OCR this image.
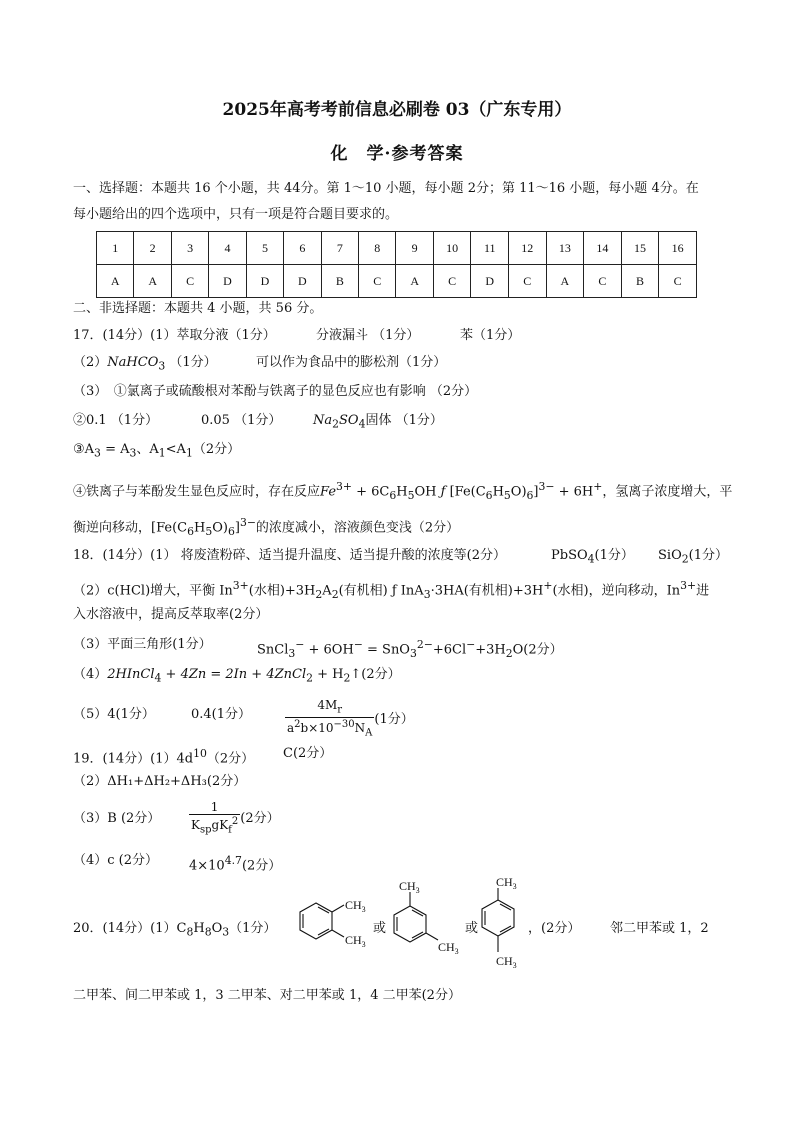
2025年高考考前信息必刷卷 03（广东专用）
化　学·参考答案
一、选择题：本题共 16 个小题，共 44分。第 1～10 小题，每小题 2分；第 11～16 小题，每小题 4分。在
每小题给出的四个选项中，只有一项是符合题目要求的。
1	2	3	4	5	6	7	8	9	10	11	12	13	14	15	16
A	A	C	D	D	D	B	C	A	C	D	C	A	C	B	C
二、非选择题：本题共 4 小题，共 56 分。
17．(14分）(1）萃取分液（1分）	分液漏斗 （1分）	苯（1分）
（2）NaHCO$_3$ （1分）	可以作为食品中的膨松剂（1分）
（3）　①氯离子或硫酸根对苯酚与铁离子的显色反应也有影响 （2分）
②0.1 （1分）	0.05 （1分） $Na_2SO_4$固体 （1分）
$③A_3 = A_3$、$A_1<A_1(2$分）
④铁离子与苯酚发生显色反应时，存在反应$Fe^{3+} + 6C_6H_5OH$ ƒ $[Fe(C_6H_5O)_6]^{3-} + 6H^+$，氢离子浓度增大，平
衡逆向移动，$[Fe(C_6H_5O)_6]^{3-}$的浓度减小，溶液颜色变浅（2分）
18．(14分）(1） 将废渣粉碎、适当提升温度、适当提升酸的浓度等(2分）	PbSO$_4$(1分） SiO$_2$(1分）
（2）c(HCl)增大，平衡 $In^{3+}$(水相)$+3H_2A_2$(有机相) ƒ InA$_3$·3HA(有机相)+3H+(水相)，逆向移动，$In^{3+}$进
入水溶液中，提高反萃取率(2分）
（3）平面三角形(1分）	SnCl$_3$− + $6OH^- = SnO_3^{2-}+6Cl^-+3H_2O(2$分）
（4）2HInCl$_4$ + 4Zn = 2In + 4ZnCl$_2$ + $H_2↑(2$分）
（5）4(1分）	0.4(1分）	$\frac{4M_r}{a^2b\times 10^{-30}N_A} (1$分）
19．(14分）$(1)4d^{10}(2$分） C(2分）
（2）ΔH₁+ΔH₂+ΔH₃(2分）
（3）B (2分） $\frac{1}{K_{sp}gK_f^2} (2$分）
（4）c (2分） $4\times 10^{4.7}(2$分）
20．(14分）$(1)C_8H_8O_3(1$分）	或	或	，(2分） 邻二甲苯或 1，2
二甲苯、间二甲苯或 1，3 二甲苯、对二甲苯或 1，4 二甲苯(2分）
$CH_3$
$CH_3$
$CH_3$
$CH_3$
$CH_3$
$CH_3$
